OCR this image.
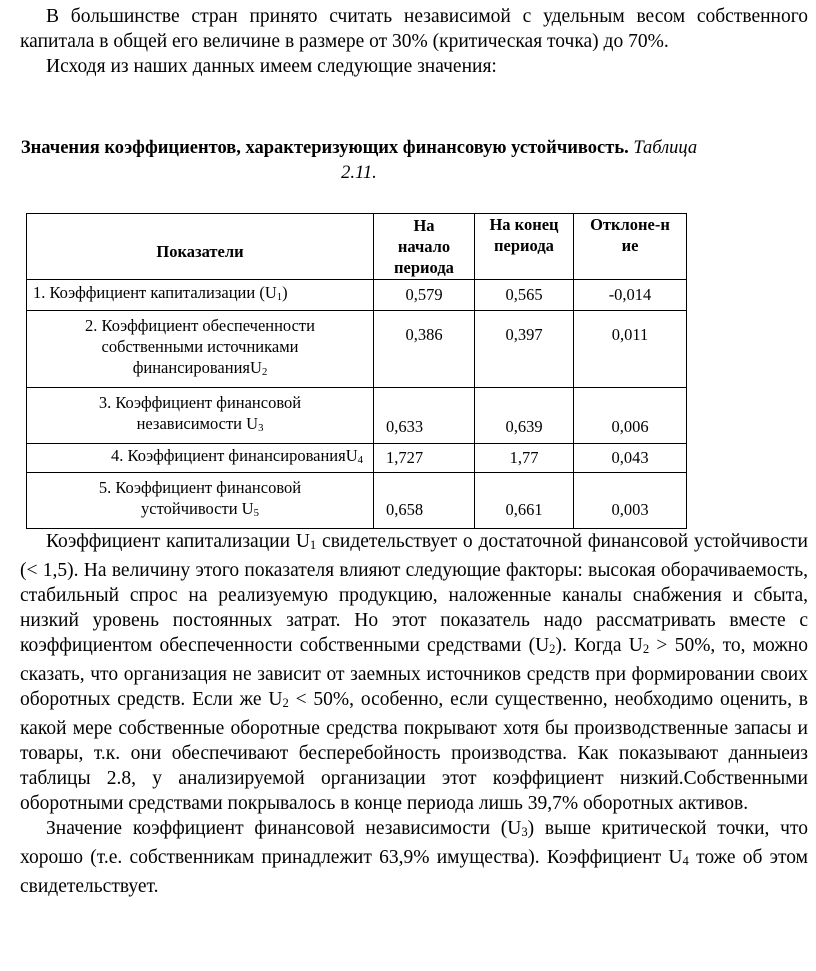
В большинстве стран принято считать независимой с удельным весом собственного капитала в общей его величине в размере от 30% (критическая точка) до 70%.

Исходя из наших данных имеем следующие значения:

Значения коэффициентов, характеризующих финансовую устойчивость. Таблица 2.11.
Показатели	На начало периода	На конец периода	Отклоне-ние

1. Коэффициент капитализации $(U_1)$	0,579	0,565	-0,014
2. Коэффициент обеспеченности собственными источниками финансированияU$_2$	0,386	0,397	0,011
3. Коэффициент финансовой независимости $U_3$	0,633	0,639	0,006
4. Коэффициент финансированияU$_4$	1,727	1,77	0,043
5. Коэффициент финансовой устойчивости $U_5$	0,658	0,661	0,003

Коэффициент капитализации $U_1$ свидетельствует о достаточной финансовой устойчивости (< 1,5). На величину этого показателя влияют следующие факторы: высокая оборачиваемость, стабильный спрос на реализуемую продукцию, наложенные каналы снабжения и сбыта, низкий уровень постоянных затрат. Но этот показатель надо рассматривать вместе с коэффициентом обеспеченности собственными средствами $(U_2)$. Когда $U_2 > 50\%$, то, можно сказать, что организация не зависит от заемных источников средств при формировании своих оборотных средств. Если же $U_2 < 50\%$, особенно, если существенно, необходимо оценить, в какой мере собственные оборотные средства покрывают хотя бы производственные запасы и товары, т.к. они обеспечивают бесперебойность производства. Как показывают данныеиз таблицы 2.8, у анализируемой организации этот коэффициент низкий.Собственными оборотными средствами покрывалось в конце периода лишь 39,7% оборотных активов.

Значение коэффициент финансовой независимости $(U_3)$ выше критической точки, что хорошо (т.е. собственникам принадлежит 63,9% имущества). Коэффициент $U_4$ тоже об этом свидетельствует.
